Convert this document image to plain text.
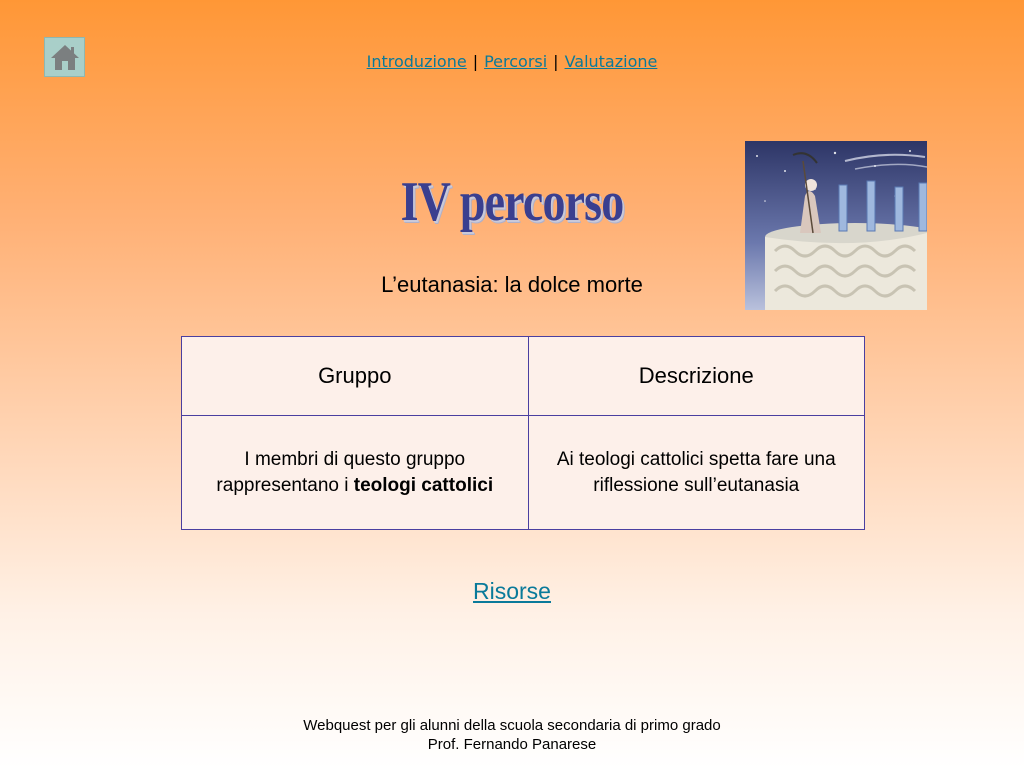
Introduzione | Percorsi | Valutazione
IV percorso
L’eutanasia: la dolce morte
Gruppo	Descrizione
I membri di questo gruppo rappresentano i teologi cattolici	Ai teologi cattolici spetta fare una riflessione sull’eutanasia
Risorse
Webquest per gli alunni della scuola secondaria di primo grado
Prof. Fernando Panarese
